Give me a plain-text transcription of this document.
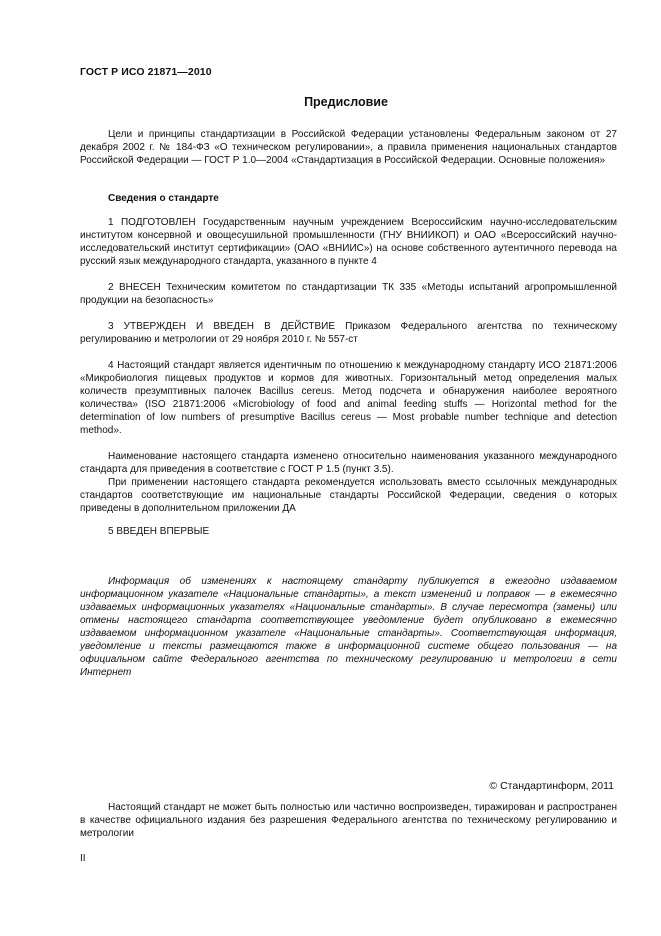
ГОСТ Р ИСО 21871—2010
Предисловие

Цели и принципы стандартизации в Российской Федерации установлены Федеральным законом от 27 декабря 2002 г. № 184-ФЗ «О техническом регулировании», а правила применения национальных стандартов Российской Федерации — ГОСТ Р 1.0—2004 «Стандартизация в Российской Федерации. Основные положения»

Сведения о стандарте

1 ПОДГОТОВЛЕН Государственным научным учреждением Всероссийским научно-исследовательским институтом консервной и овощесушильной промышленности (ГНУ ВНИИКОП) и ОАО «Всероссийский научно-исследовательский институт сертификации» (ОАО «ВНИИС») на основе собственного аутентичного перевода на русский язык международного стандарта, указанного в пункте 4

2 ВНЕСЕН Техническим комитетом по стандартизации ТК 335 «Методы испытаний агропромышленной продукции на безопасность»

3 УТВЕРЖДЕН И ВВЕДЕН В ДЕЙСТВИЕ Приказом Федерального агентства по техническому регулированию и метрологии от 29 ноября 2010 г. № 557-ст

4 Настоящий стандарт является идентичным по отношению к международному стандарту ИСО 21871:2006 «Микробиология пищевых продуктов и кормов для животных. Горизонтальный метод определения малых количеств презумптивных палочек Bacillus cereus. Метод подсчета и обнаружения наиболее вероятного количества» (ISO 21871:2006 «Microbiology of food and animal feeding stuffs — Horizontal method for the determination of low numbers of presumptive Bacillus cereus — Most probable number technique and detection method».

Наименование настоящего стандарта изменено относительно наименования указанного международного стандарта для приведения в соответствие с ГОСТ Р 1.5 (пункт 3.5).

При применении настоящего стандарта рекомендуется использовать вместо ссылочных международных стандартов соответствующие им национальные стандарты Российской Федерации, сведения о которых приведены в дополнительном приложении ДА

5 ВВЕДЕН ВПЕРВЫЕ

Информация об изменениях к настоящему стандарту публикуется в ежегодно издаваемом информационном указателе «Национальные стандарты», а текст изменений и поправок — в ежемесячно издаваемых информационных указателях «Национальные стандарты». В случае пересмотра (замены) или отмены настоящего стандарта соответствующее уведомление будет опубликовано в ежемесячно издаваемом информационном указателе «Национальные стандарты». Соответствующая информация, уведомление и тексты размещаются также в информационной системе общего пользования — на официальном сайте Федерального агентства по техническому регулированию и метрологии в сети Интернет

© Стандартинформ, 2011

Настоящий стандарт не может быть полностью или частично воспроизведен, тиражирован и распространен в качестве официального издания без разрешения Федерального агентства по техническому регулированию и метрологии

II
